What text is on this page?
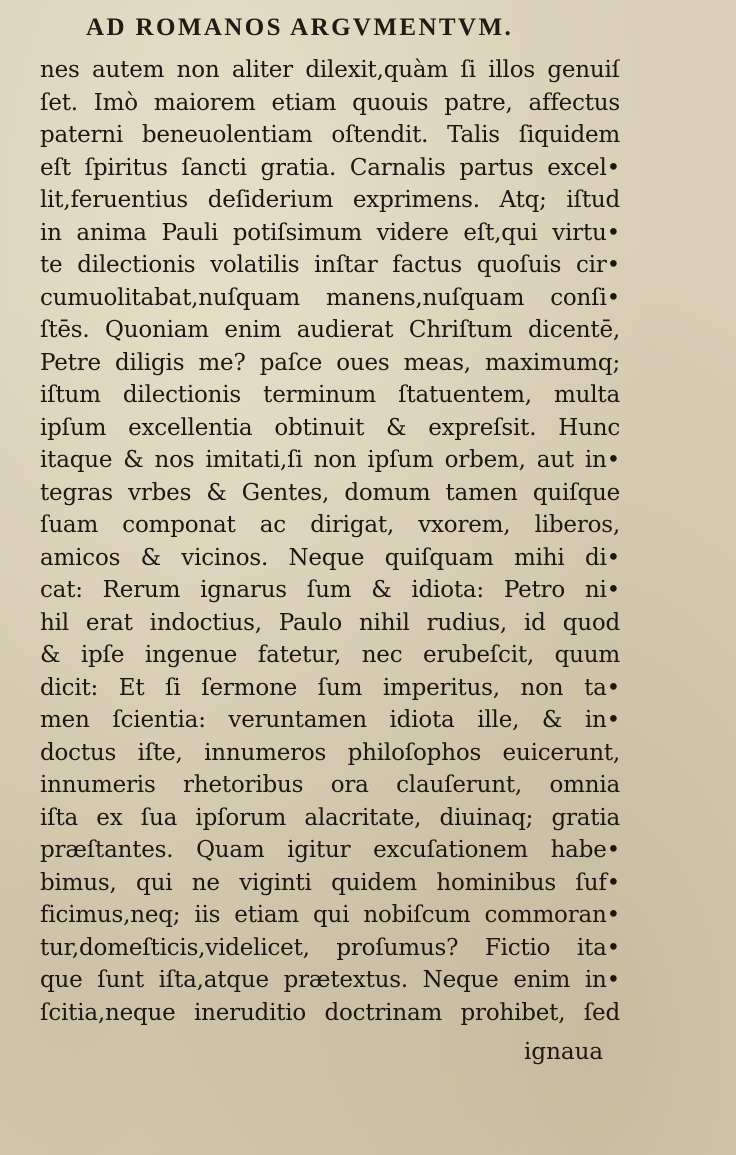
AD ROMANOS ARGVMENTVM.
nes autem non aliter dilexit,quàm ſi illos genuiſ
ſet. Imò maiorem etiam quouis patre, affectus
paterni beneuolentiam oſtendit. Talis ſiquidem
eſt ſpiritus ſancti gratia. Carnalis partus excel•
lit,feruentius deſiderium exprimens. Atq; iſtud
in anima Pauli potiſsimum videre eſt,qui virtu•
te dilectionis volatilis inſtar factus quoſuis cir•
cumuolitabat,nuſquam manens,nuſquam conſi•
ſtēs. Quoniam enim audierat Chriſtum dicentē,
Petre diligis me? paſce oues meas, maximumq;
iſtum dilectionis terminum ſtatuentem, multa
ipſum excellentia obtinuit & expreſsit. Hunc
itaque & nos imitati,ſi non ipſum orbem, aut in•
tegras vrbes & Gentes, domum tamen quiſque
ſuam componat ac dirigat, vxorem, liberos,
amicos & vicinos. Neque quiſquam mihi di•
cat: Rerum ignarus ſum & idiota: Petro ni•
hil erat indoctius, Paulo nihil rudius, id quod
& ipſe ingenue fatetur, nec erubeſcit, quum
dicit: Et ſi ſermone ſum imperitus, non ta•
men ſcientia: veruntamen idiota ille, & in•
doctus iſte, innumeros philoſophos euicerunt,
innumeris rhetoribus ora clauſerunt, omnia
iſta ex ſua ipſorum alacritate, diuinaq; gratia
præſtantes. Quam igitur excuſationem habe•
bimus, qui ne viginti quidem hominibus ſuf•
ficimus,neq; iis etiam qui nobiſcum commoran•
tur,domeſticis,videlicet, proſumus? Fictio ita•
que ſunt iſta,atque prætextus. Neque enim in•
ſcitia,neque ineruditio doctrinam prohibet, ſed
ignaua
